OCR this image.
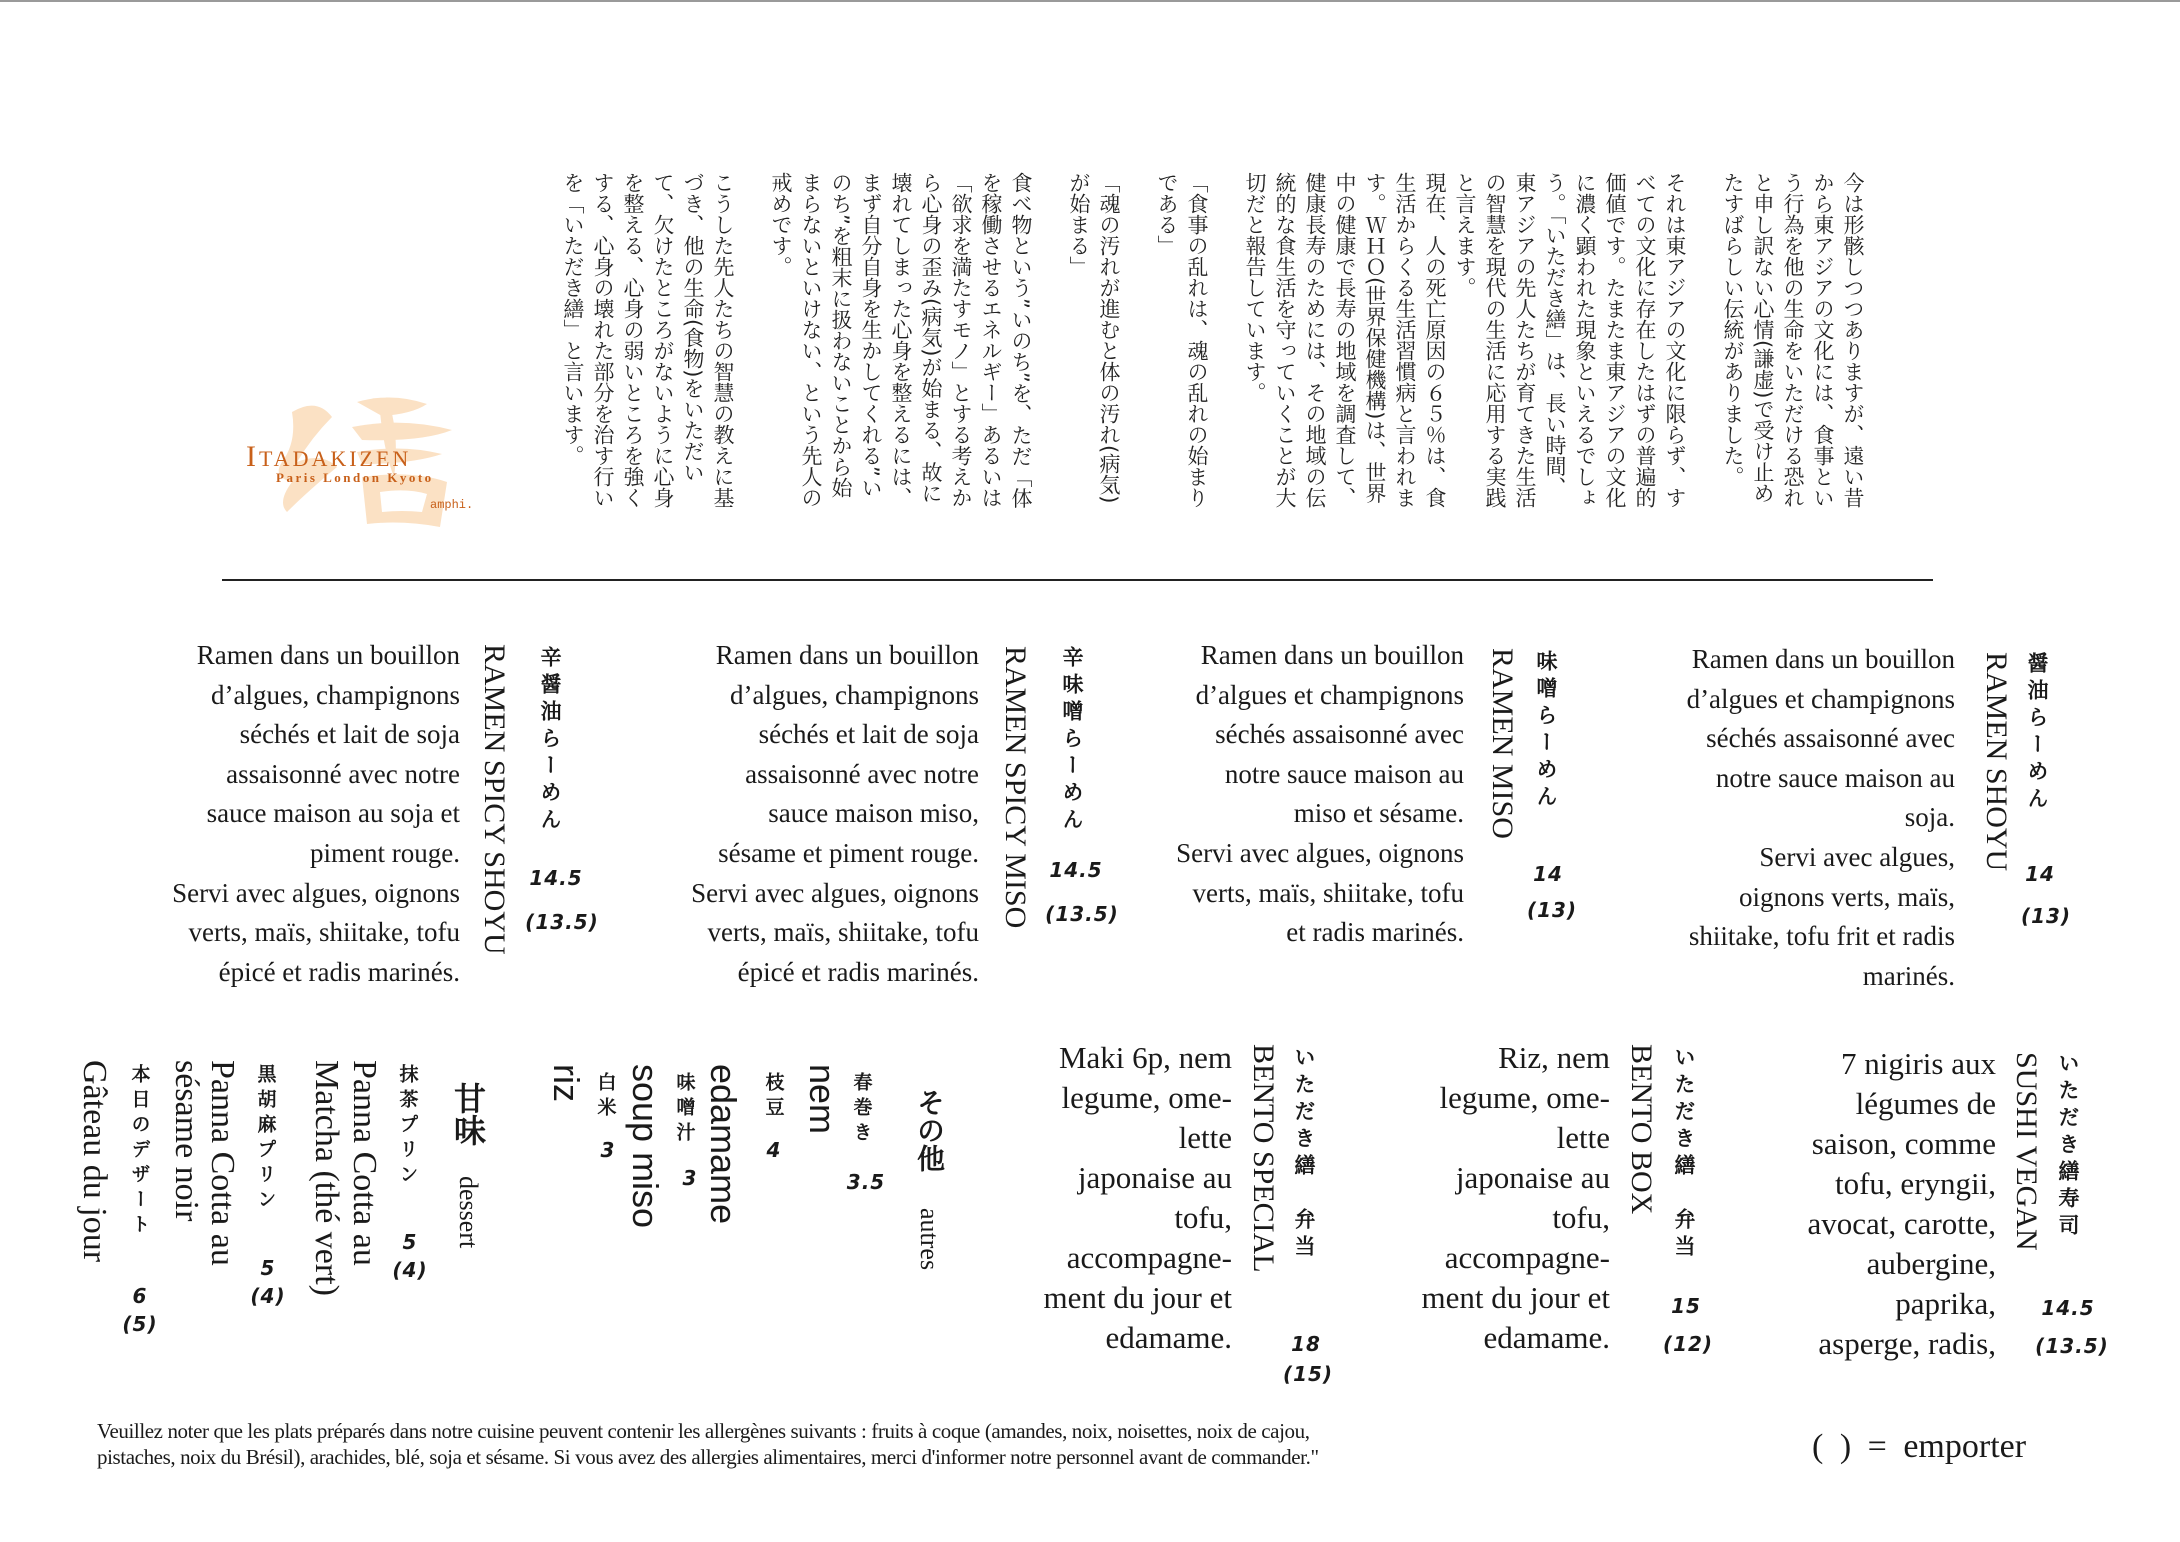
今は形骸しつつありますが、遠い昔から東アジアの文化には、食事という行為を他の生命をいただける恐れと申し訳ない心情(謙虚)で受け止めたすばらしい伝統がありました。

それは東アジアの文化に限らず、すべての文化に存在したはずの普遍的価値です。たまたま東アジアの文化に濃く顕われた現象といえるでしょう。「いただき繕」は、長い時間、東アジアの先人たちが育てきた生活の智慧を現代の生活に応用する実践と言えます。

現在、人の死亡原因の６５％は、食生活からくる生活習慣病と言われます。ＷＨＯ(世界保健機構)は、世界中の健康で長寿の地域を調査して、健康長寿のためには、その地域の伝統的な食生活を守っていくことが大切だと報告しています。

「食事の乱れは、魂の乱れの始まりである」

「魂の汚れが進むと体の汚れ(病気)が始まる」

食べ物という”いのち”を、ただ「体を稼働させるエネルギー」あるいは「欲求を満たすモノ」とする考えから心身の歪み(病気)が始まる、故に壊れてしまった心身を整えるには、まず自分自身を生かしてくれる”いのち”を粗末に扱わないことから始まらないといけない、という先人の戒めです。

こうした先人たちの智慧の教えに基づき、他の生命(食物)をいただいて、欠けたところがないように心身を整える、心身の弱いところを強くする、心身の壊れた部分を治す行いを「いただき繕」と言います。

ITADAKIZEN
Paris London Kyoto
amphi.
Ramen dans un bouillon
d’algues et champignons
séchés assaisonné avec
notre sauce maison au
soja.
Servi avec algues,
oignons verts, maïs,
shiitake, tofu frit et radis
marinés.
RAMEN SHOYU 醤油らーめん
14
(13)
Ramen dans un bouillon
d’algues et champignons
séchés assaisonné avec
notre sauce maison au
miso et sésame.
Servi avec algues, oignons
verts, maïs, shiitake, tofu
et radis marinés.
RAMEN MISO 味噌らーめん
14
(13)
Ramen dans un bouillon
d’algues, champignons
séchés et lait de soja
assaisonné avec notre
sauce maison miso,
sésame et piment rouge.
Servi avec algues, oignons
verts, maïs, shiitake, tofu
épicé et radis marinés.
RAMEN SPICY MISO 辛味噌らーめん
14.5
(13.5)
Ramen dans un bouillon
d’algues, champignons
séchés et lait de soja
assaisonné avec notre
sauce maison au soja et
piment rouge.
Servi avec algues, oignons
verts, maïs, shiitake, tofu
épicé et radis marinés.
RAMEN SPICY SHOYU 辛醤油らーめん
14.5
(13.5)
7 nigiris aux
légumes de
saison, comme
tofu, eryngii,
avocat, carotte,
aubergine,
paprika,
asperge, radis,
SUSHI VEGAN いただき繕寿司
14.5
(13.5)
Riz, nem
legume, ome-
lette
japonaise au
tofu,
accompagne-
ment du jour et
edamame.
BENTO BOX いただき繕　弁当
15
(12)
Maki 6p, nem
legume, ome-
lette
japonaise au
tofu,
accompagne-
ment du jour et
edamame.
BENTO SPECIAL いただき繕　弁当
18
(15)
その他autres
春巻き
3.5
nem
枝豆
4
edamame
味噌汁
3
soup miso
白米
3
riz
甘味dessert
抹茶プリン
5
(4)
Panna Cotta au
Matcha (thé vert)
黒胡麻プリン
5
(4)
Panna Cotta au
sésame noir
本日のデザート
6
(5)
Gâteau du jour
Veuillez noter que les plats préparés dans notre cuisine peuvent contenir les allergènes suivants : fruits à coque (amandes, noix, noisettes, noix de cajou, pistaches, noix du Brésil), arachides, blé, soja et sésame. Si vous avez des allergies alimentaires, merci d'informer notre personnel avant de commander."	( ) = emporter
